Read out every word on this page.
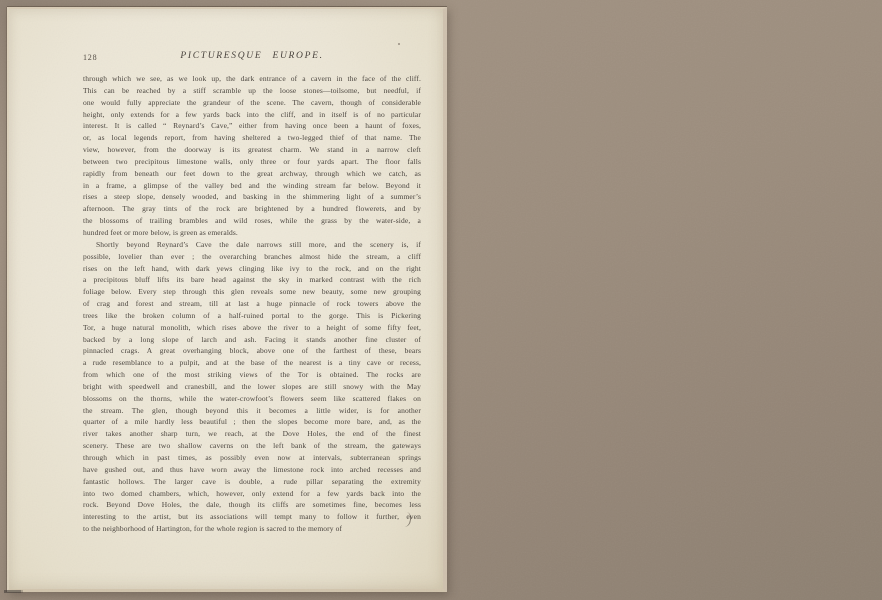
128	PICTURESQUE EUROPE.
through which we see, as we look up, the dark entrance of a cavern in the face of the cliff.
This can be reached by a stiff scramble up the loose stones—toilsome, but needful, if
one would fully appreciate the grandeur of the scene. The cavern, though of considerable
height, only extends for a few yards back into the cliff, and in itself is of no particular
interest. It is called “ Reynard’s Cave,” either from having once been a haunt of foxes,
or, as local legends report, from having sheltered a two-legged thief of that name. The
view, however, from the doorway is its greatest charm. We stand in a narrow cleft
between two precipitous limestone walls, only three or four yards apart. The floor falls
rapidly from beneath our feet down to the great archway, through which we catch, as
in a frame, a glimpse of the valley bed and the winding stream far below. Beyond it
rises a steep slope, densely wooded, and basking in the shimmering light of a summer’s
afternoon. The gray tints of the rock are brightened by a hundred flowerets, and by
the blossoms of trailing brambles and wild roses, while the grass by the water-side, a
hundred feet or more below, is green as emeralds.
Shortly beyond Reynard’s Cave the dale narrows still more, and the scenery is, if
possible, lovelier than ever ; the overarching branches almost hide the stream, a cliff
rises on the left hand, with dark yews clinging like ivy to the rock, and on the right
a precipitous bluff lifts its bare head against the sky in marked contrast with the rich
foliage below. Every step through this glen reveals some new beauty, some new grouping
of crag and forest and stream, till at last a huge pinnacle of rock towers above the
trees like the broken column of a half-ruined portal to the gorge. This is Pickering
Tor, a huge natural monolith, which rises above the river to a height of some fifty feet,
backed by a long slope of larch and ash. Facing it stands another fine cluster of
pinnacled crags. A great overhanging block, above one of the farthest of these, bears
a rude resemblance to a pulpit, and at the base of the nearest is a tiny cave or recess,
from which one of the most striking views of the Tor is obtained. The rocks are
bright with speedwell and cranesbill, and the lower slopes are still snowy with the May
blossoms on the thorns, while the water-crowfoot’s flowers seem like scattered flakes on
the stream. The glen, though beyond this it becomes a little wider, is for another
quarter of a mile hardly less beautiful ; then the slopes become more bare, and, as the
river takes another sharp turn, we reach, at the Dove Holes, the end of the finest
scenery. These are two shallow caverns on the left bank of the stream, the gateways
through which in past times, as possibly even now at intervals, subterranean springs
have gushed out, and thus have worn away the limestone rock into arched recesses and
fantastic hollows. The larger cave is double, a rude pillar separating the extremity
into two domed chambers, which, however, only extend for a few yards back into the
rock. Beyond Dove Holes, the dale, though its cliffs are sometimes fine, becomes less
interesting to the artist, but its associations will tempt many to follow it further, even
to the neighborhood of Hartington, for the whole region is sacred to the memory of
